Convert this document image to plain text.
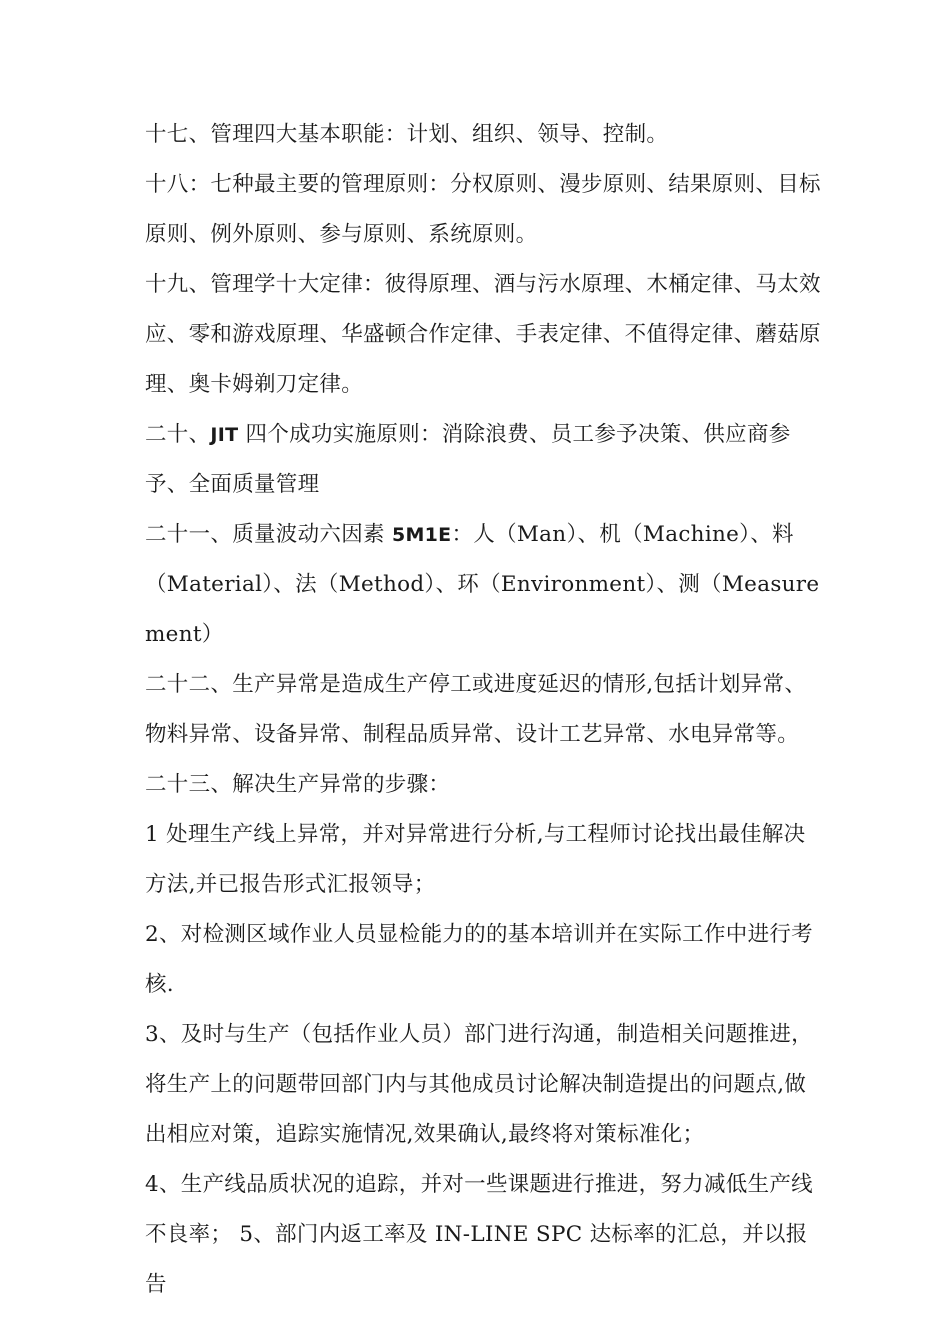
十七、管理四大基本职能：计划、组织、领导、控制。

十八：七种最主要的管理原则：分权原则、漫步原则、结果原则、目标原则、例外原则、参与原则、系统原则。

十九、管理学十大定律：彼得原理、酒与污水原理、木桶定律、马太效应、零和游戏原理、华盛顿合作定律、手表定律、不值得定律、蘑菇原理、奥卡姆剃刀定律。

二十、JIT 四个成功实施原则：消除浪费、员工参予决策、供应商参予、全面质量管理

二十一、质量波动六因素 5M1E：人（Man）、机（Machine）、料（Material）、法（Method）、环（Environment）、测（Measurement）

二十二、生产异常是造成生产停工或进度延迟的情形,包括计划异常、物料异常、设备异常、制程品质异常、设计工艺异常、水电异常等。

二十三、解决生产异常的步骤：

1 处理生产线上异常，并对异常进行分析,与工程师讨论找出最佳解决方法,并已报告形式汇报领导；

2、对检测区域作业人员显检能力的的基本培训并在实际工作中进行考核.

3、及时与生产（包括作业人员）部门进行沟通，制造相关问题推进，将生产上的问题带回部门内与其他成员讨论解决制造提出的问题点,做出相应对策，追踪实施情况,效果确认,最终将对策标准化；

4、生产线品质状况的追踪，并对一些课题进行推进，努力减低生产线不良率； 5、部门内返工率及 IN-LINE SPC 达标率的汇总，并以报告
